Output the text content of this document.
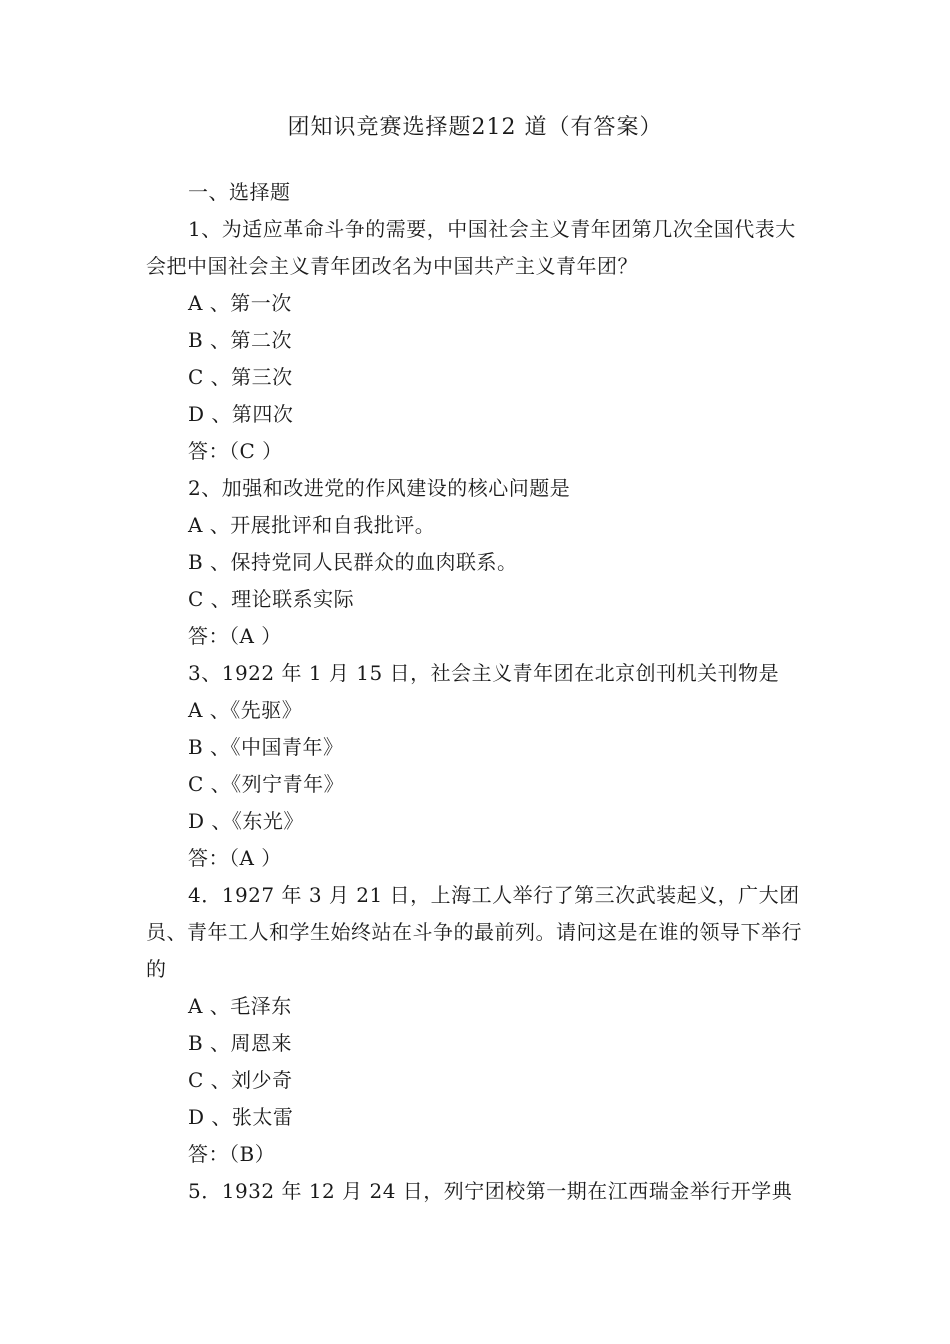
团知识竞赛选择题212 道（有答案）

一、选择题

1、为适应革命斗争的需要，中国社会主义青年团第几次全国代表大会把中国社会主义青年团改名为中国共产主义青年团？

A 、第一次

B 、第二次

C 、第三次

D 、第四次

答：（C ）

2、加强和改进党的作风建设的核心问题是

A 、开展批评和自我批评。

B 、保持党同人民群众的血肉联系。

C 、理论联系实际

答：（A ）

3、1922 年 1 月 15 日，社会主义青年团在北京创刊机关刊物是

A 、《先驱》

B 、《中国青年》

C 、《列宁青年》

D 、《东光》

答：（A ）

4．1927 年 3 月 21 日，上海工人举行了第三次武装起义，广大团员、青年工人和学生始终站在斗争的最前列。请问这是在谁的领导下举行的

A 、毛泽东

B 、周恩来

C 、刘少奇

D 、张太雷

答：（B）

5．1932 年 12 月 24 日，列宁团校第一期在江西瑞金举行开学典
